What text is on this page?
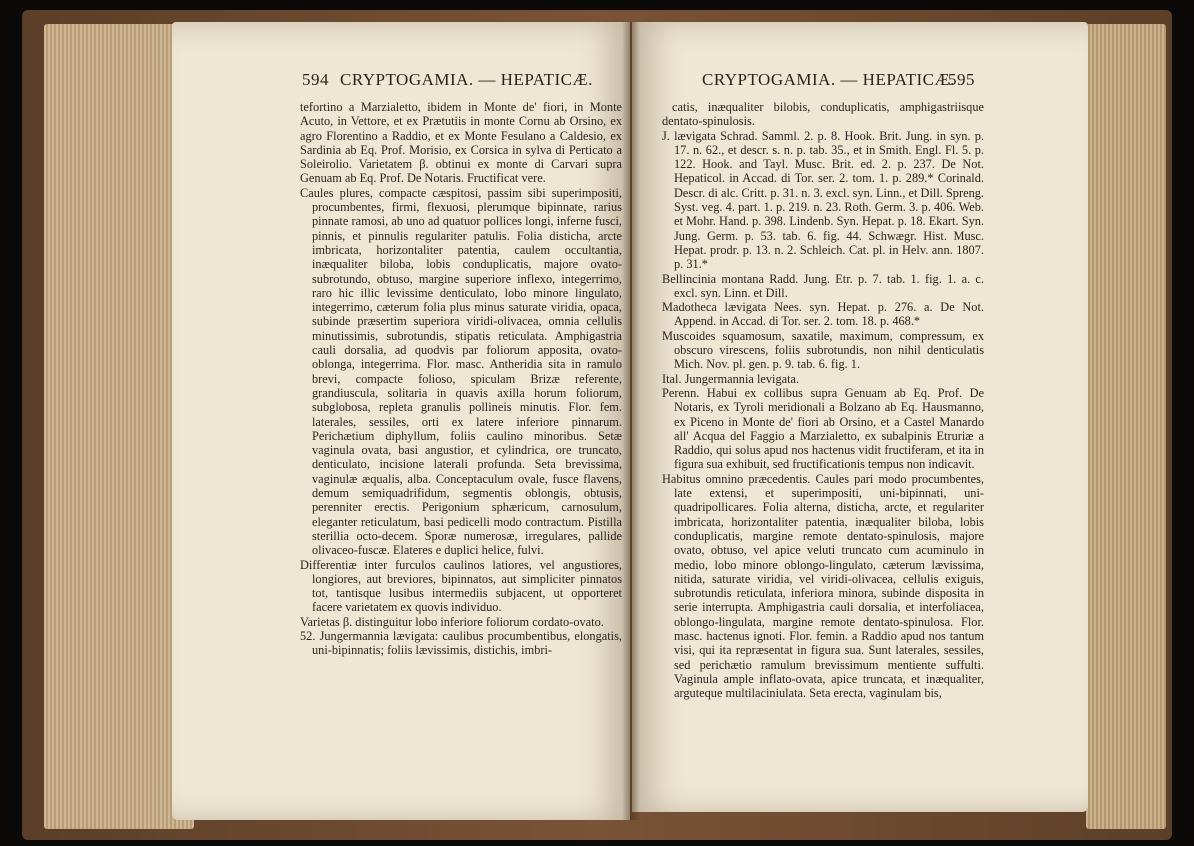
594 CRYPTOGAMIA. — HEPATICÆ.

tefortino a Marzialetto, ibidem in Monte de' fiori, in Monte Acuto, in Vettore, et ex Prætutiis in monte Cornu ab Orsino, ex agro Florentino a Raddio, et ex Monte Fesulano a Caldesio, ex Sardinia ab Eq. Prof. Morisio, ex Corsica in sylva di Perticato a Soleirolio. Varietatem β. obtinui ex monte di Carvari supra Genuam ab Eq. Prof. De Notaris. Fructificat vere.

Caules plures, compacte cæspitosi, passim sibi superimpositi, procumbentes, firmi, flexuosi, plerumque bipinnate, rarius pinnate ramosi, ab uno ad quatuor pollices longi, inferne fusci, pinnis, et pinnulis regulariter patulis. Folia disticha, arcte imbricata, horizontaliter patentia, caulem occultantia, inæqualiter biloba, lobis conduplicatis, majore ovato-subrotundo, obtuso, margine superiore inflexo, integerrimo, raro hic illic levissime denticulato, lobo minore lingulato, integerrimo, cæterum folia plus minus saturate viridia, opaca, subinde præsertim superiora viridi-olivacea, omnia cellulis minutissimis, subrotundis, stipatis reticulata. Amphigastria cauli dorsalia, ad quodvis par foliorum apposita, ovato-oblonga, integerrima. Flor. masc. Antheridia sita in ramulo brevi, compacte folioso, spiculam Brizæ referente, grandiuscula, solitaria in quavis axilla horum foliorum, subglobosa, repleta granulis pollineis minutis. Flor. fem. laterales, sessiles, orti ex latere inferiore pinnarum. Perichætium diphyllum, foliis caulino minoribus. Setæ vaginula ovata, basi angustior, et cylindrica, ore truncato, denticulato, incisione laterali profunda. Seta brevissima, vaginulæ æqualis, alba. Conceptaculum ovale, fusce flavens, demum semiquadrifidum, segmentis oblongis, obtusis, perenniter erectis. Perigonium sphæricum, carnosulum, eleganter reticulatum, basi pedicelli modo contractum. Pistilla sterillia octo-decem. Sporæ numerosæ, irregulares, pallide olivaceo-fuscæ. Elateres e duplici helice, fulvi.

Differentiæ inter furculos caulinos latiores, vel angustiores, longiores, aut breviores, bipinnatos, aut simpliciter pinnatos tot, tantisque lusibus intermediis subjacent, ut opporteret facere varietatem ex quovis individuo.

Varietas β. distinguitur lobo inferiore foliorum cordato-ovato.

52. Jungermannia lævigata: caulibus procumbentibus, elongatis, uni-bipinnatis; foliis lævissimis, distichis, imbri-

CRYPTOGAMIA. — HEPATICÆ.
595

catis, inæqualiter bilobis, conduplicatis, amphigastriisque dentato-spinulosis.

J. lævigata Schrad. Samml. 2. p. 8. Hook. Brit. Jung. in syn. p. 17. n. 62., et descr. s. n. p. tab. 35., et in Smith. Engl. Fl. 5. p. 122. Hook. and Tayl. Musc. Brit. ed. 2. p. 237. De Not. Hepaticol. in Accad. di Tor. ser. 2. tom. 1. p. 289.* Corinald. Descr. di alc. Critt. p. 31. n. 3. excl. syn. Linn., et Dill. Spreng. Syst. veg. 4. part. 1. p. 219. n. 23. Roth. Germ. 3. p. 406. Web. et Mohr. Hand. p. 398. Lindenb. Syn. Hepat. p. 18. Ekart. Syn. Jung. Germ. p. 53. tab. 6. fig. 44. Schwægr. Hist. Musc. Hepat. prodr. p. 13. n. 2. Schleich. Cat. pl. in Helv. ann. 1807. p. 31.*

Bellincinia montana Radd. Jung. Etr. p. 7. tab. 1. fig. 1. a. c. excl. syn. Linn. et Dill.

Madotheca lævigata Nees. syn. Hepat. p. 276. a. De Not. Append. in Accad. di Tor. ser. 2. tom. 18. p. 468.*

Muscoides squamosum, saxatile, maximum, compressum, ex obscuro virescens, foliis subrotundis, non nihil denticulatis Mich. Nov. pl. gen. p. 9. tab. 6. fig. 1.

Ital. Jungermannia levigata.

Perenn. Habui ex collibus supra Genuam ab Eq. Prof. De Notaris, ex Tyroli meridionali a Bolzano ab Eq. Hausmanno, ex Piceno in Monte de' fiori ab Orsino, et a Castel Manardo all' Acqua del Faggio a Marzialetto, ex subalpinis Etruriæ a Raddio, qui solus apud nos hactenus vidit fructiferam, et ita in figura sua exhibuit, sed fructificationis tempus non indicavit.

Habitus omnino præcedentis. Caules pari modo procumbentes, late extensi, et superimpositi, uni-bipinnati, uni-quadripollicares. Folia alterna, disticha, arcte, et regulariter imbricata, horizontaliter patentia, inæqualiter biloba, lobis conduplicatis, margine remote dentato-spinulosis, majore ovato, obtuso, vel apice veluti truncato cum acuminulo in medio, lobo minore oblongo-lingulato, cæterum lævissima, nitida, saturate viridia, vel viridi-olivacea, cellulis exiguis, subrotundis reticulata, inferiora minora, subinde disposita in serie interrupta. Amphigastria cauli dorsalia, et interfoliacea, oblongo-lingulata, margine remote dentato-spinulosa. Flor. masc. hactenus ignoti. Flor. femin. a Raddio apud nos tantum visi, qui ita repræsentat in figura sua. Sunt laterales, sessiles, sed perichætio ramulum brevissimum mentiente suffulti. Vaginula ample inflato-ovata, apice truncata, et inæqualiter, arguteque multilaciniulata. Seta erecta, vaginulam bis,
